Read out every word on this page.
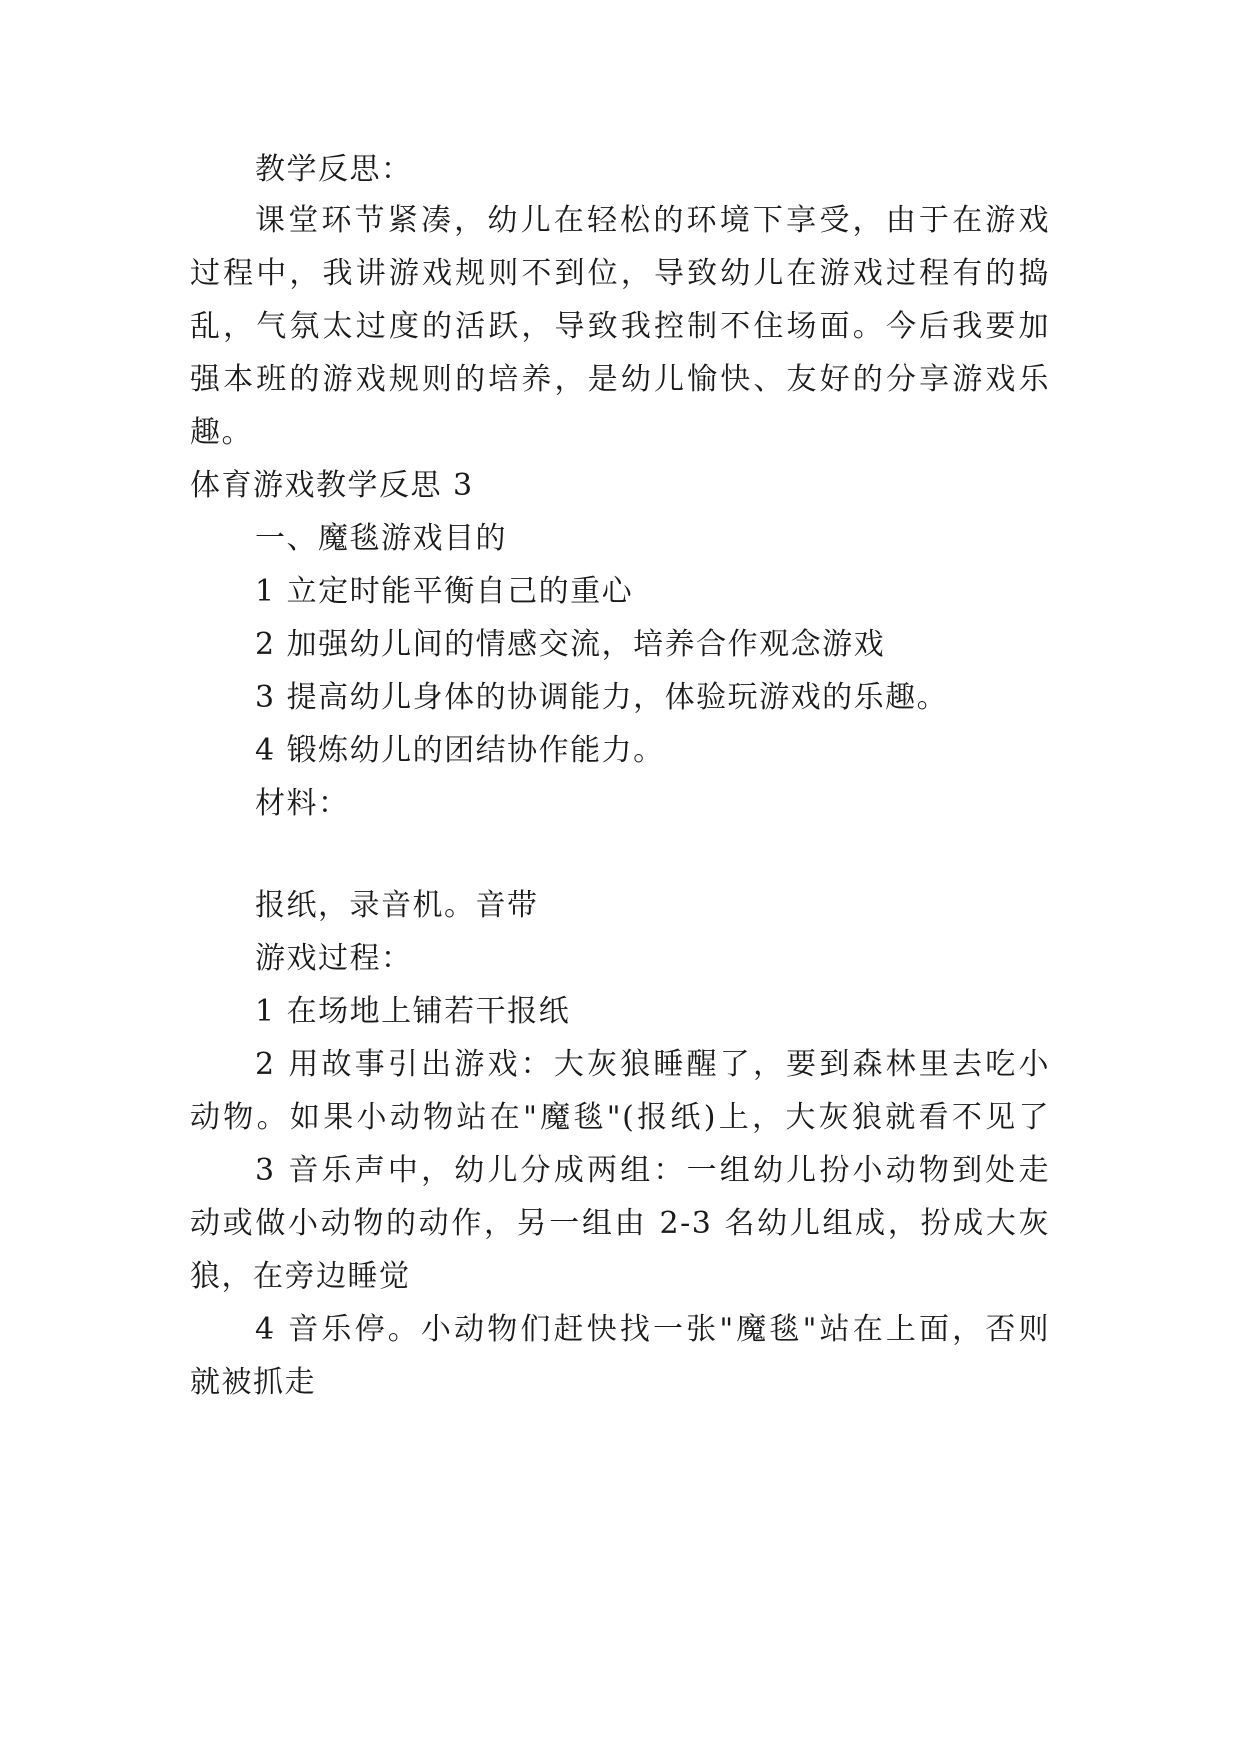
教学反思：
课堂环节紧凑，幼儿在轻松的环境下享受，由于在游戏
过程中，我讲游戏规则不到位，导致幼儿在游戏过程有的捣
乱，气氛太过度的活跃，导致我控制不住场面。今后我要加
强本班的游戏规则的培养，是幼儿愉快、友好的分享游戏乐
趣。
体育游戏教学反思 3
一、魔毯游戏目的
1 立定时能平衡自己的重心
2 加强幼儿间的情感交流，培养合作观念游戏
3 提高幼儿身体的协调能力，体验玩游戏的乐趣。
4 锻炼幼儿的团结协作能力。
材料：
报纸，录音机。音带
游戏过程：
1 在场地上铺若干报纸
2 用故事引出游戏：大灰狼睡醒了，要到森林里去吃小
动物。如果小动物站在"魔毯"(报纸)上，大灰狼就看不见了
3 音乐声中，幼儿分成两组：一组幼儿扮小动物到处走
动或做小动物的动作，另一组由 2-3 名幼儿组成，扮成大灰
狼，在旁边睡觉
4 音乐停。小动物们赶快找一张"魔毯"站在上面，否则
就被抓走
